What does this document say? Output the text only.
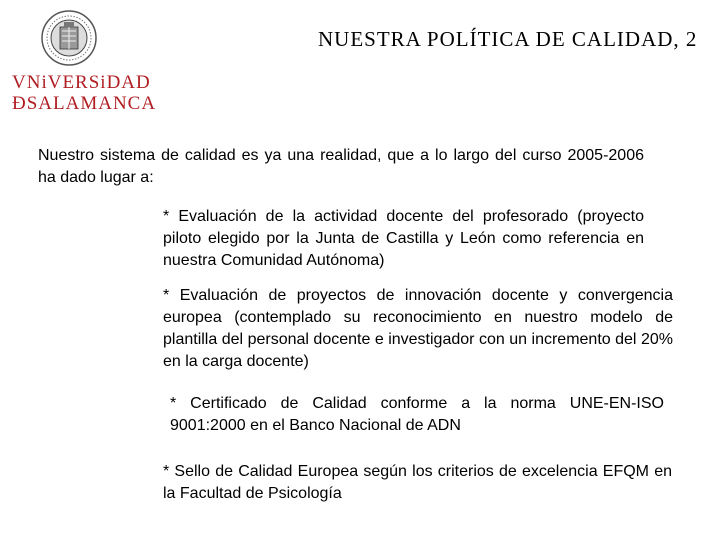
VNiVERSiDAD
ÐSALAMANCA
NUESTRA POLÍTICA DE CALIDAD, 2

Nuestro sistema de calidad es ya una realidad, que a lo largo del curso 2005-2006 ha dado lugar a:

* Evaluación de la actividad docente del profesorado (proyecto piloto elegido por la Junta de Castilla y León como referencia en nuestra Comunidad Autónoma)

* Evaluación de proyectos de innovación docente y convergencia europea (contemplado su reconocimiento en nuestro modelo de plantilla del personal docente e investigador con un incremento del 20% en la carga docente)

* Certificado de Calidad conforme a la norma UNE-EN-ISO 9001:2000 en el Banco Nacional de ADN

* Sello de Calidad Europea según los criterios de excelencia EFQM en la Facultad de Psicología
